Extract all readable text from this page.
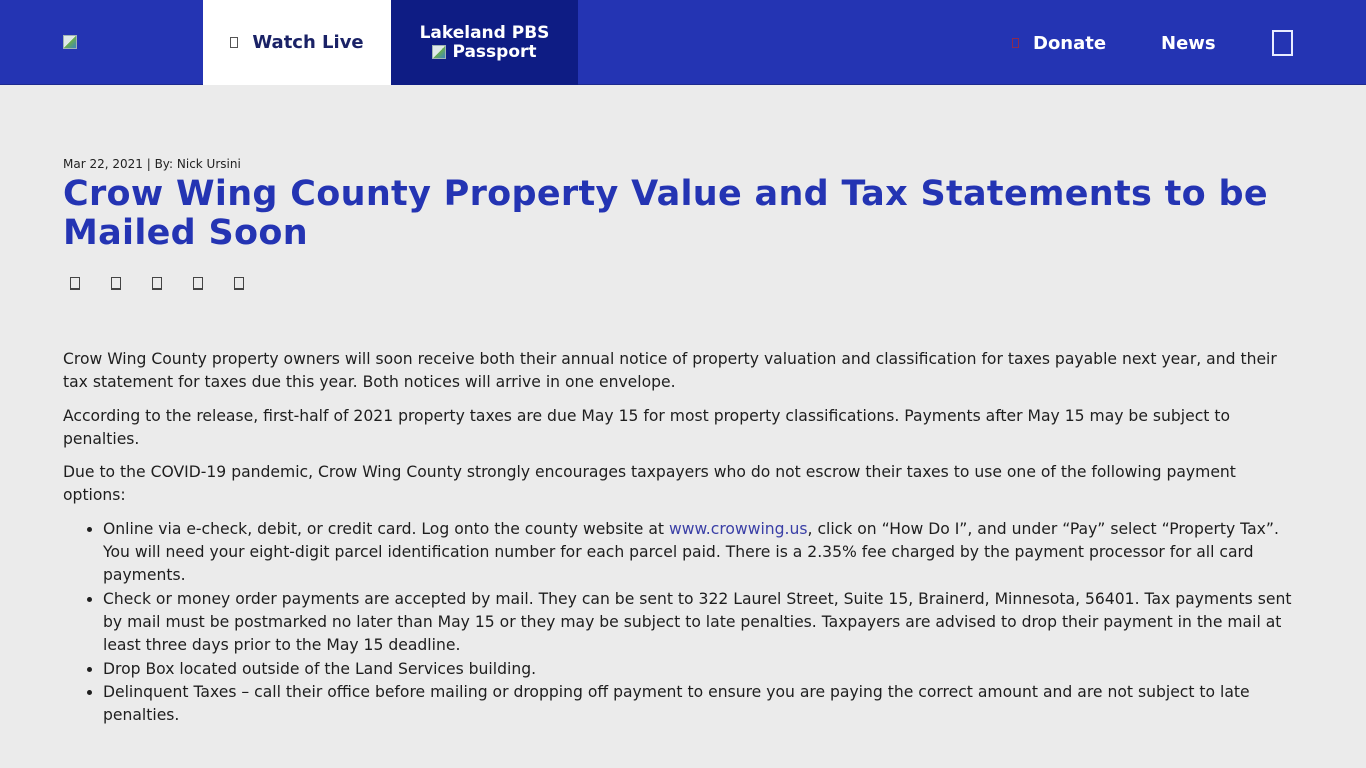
Watch Live	Lakeland PBS
Passport	Donate	News
Mar 22, 2021 | By: Nick Ursini
Crow Wing County Property Value and Tax Statements to be Mailed Soon

Crow Wing County property owners will soon receive both their annual notice of property valuation and classification for taxes payable next year, and their tax statement for taxes due this year. Both notices will arrive in one envelope.

According to the release, first-half of 2021 property taxes are due May 15 for most property classifications. Payments after May 15 may be subject to penalties.

Due to the COVID-19 pandemic, Crow Wing County strongly encourages taxpayers who do not escrow their taxes to use one of the following payment options:

• Online via e-check, debit, or credit card. Log onto the county website at www.crowwing.us, click on “How Do I”, and under “Pay” select “Property Tax”. You will need your eight-digit parcel identification number for each parcel paid. There is a 2.35% fee charged by the payment processor for all card payments.
• Check or money order payments are accepted by mail. They can be sent to 322 Laurel Street, Suite 15, Brainerd, Minnesota, 56401. Tax payments sent by mail must be postmarked no later than May 15 or they may be subject to late penalties. Taxpayers are advised to drop their payment in the mail at least three days prior to the May 15 deadline.
• Drop Box located outside of the Land Services building.
• Delinquent Taxes – call their office before mailing or dropping off payment to ensure you are paying the correct amount and are not subject to late penalties.
